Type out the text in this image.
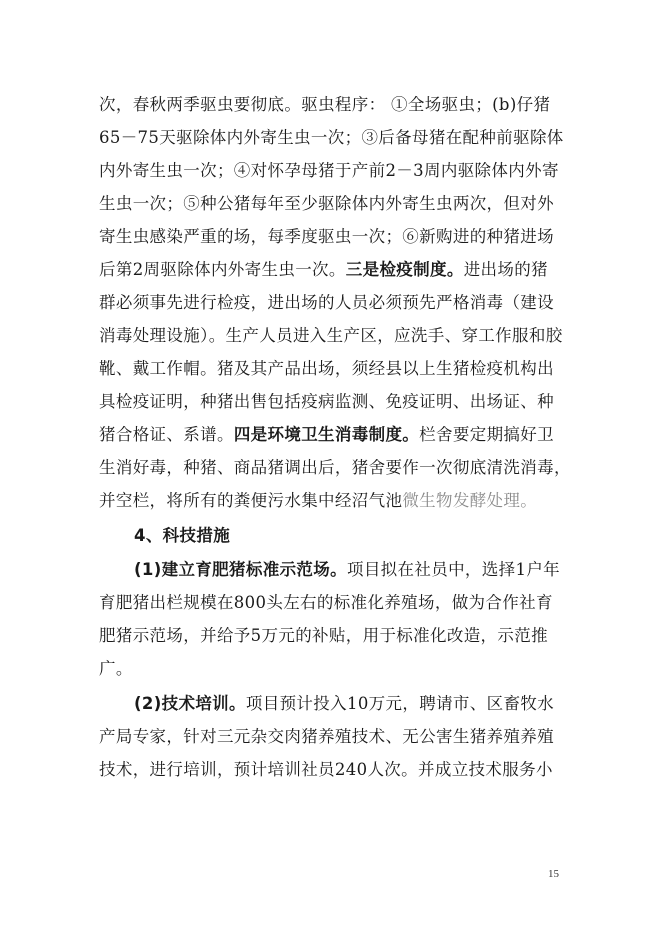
次，春秋两季驱虫要彻底。驱虫程序： ①全场驱虫；(b)仔猪
65－75天驱除体内外寄生虫一次；③后备母猪在配种前驱除体
内外寄生虫一次；④对怀孕母猪于产前2－3周内驱除体内外寄
生虫一次；⑤种公猪每年至少驱除体内外寄生虫两次，但对外
寄生虫感染严重的场，每季度驱虫一次；⑥新购进的种猪进场
后第2周驱除体内外寄生虫一次。三是检疫制度。进出场的猪
群必须事先进行检疫，进出场的人员必须预先严格消毒（建设
消毒处理设施）。生产人员进入生产区，应洗手、穿工作服和胶
靴、戴工作帽。猪及其产品出场，须经县以上生猪检疫机构出
具检疫证明，种猪出售包括疫病监测、免疫证明、出场证、种
猪合格证、系谱。四是环境卫生消毒制度。栏舍要定期搞好卫
生消好毒，种猪、商品猪调出后，猪舍要作一次彻底清洗消毒，
并空栏，将所有的粪便污水集中经沼气池微生物发酵处理。
4、科技措施
(1)建立育肥猪标准示范场。项目拟在社员中，选择1户年
育肥猪出栏规模在800头左右的标准化养殖场，做为合作社育
肥猪示范场，并给予5万元的补贴，用于标准化改造，示范推
广。
(2)技术培训。项目预计投入10万元，聘请市、区畜牧水
产局专家，针对三元杂交肉猪养殖技术、无公害生猪养殖养殖
技术，进行培训，预计培训社员240人次。并成立技术服务小
15
